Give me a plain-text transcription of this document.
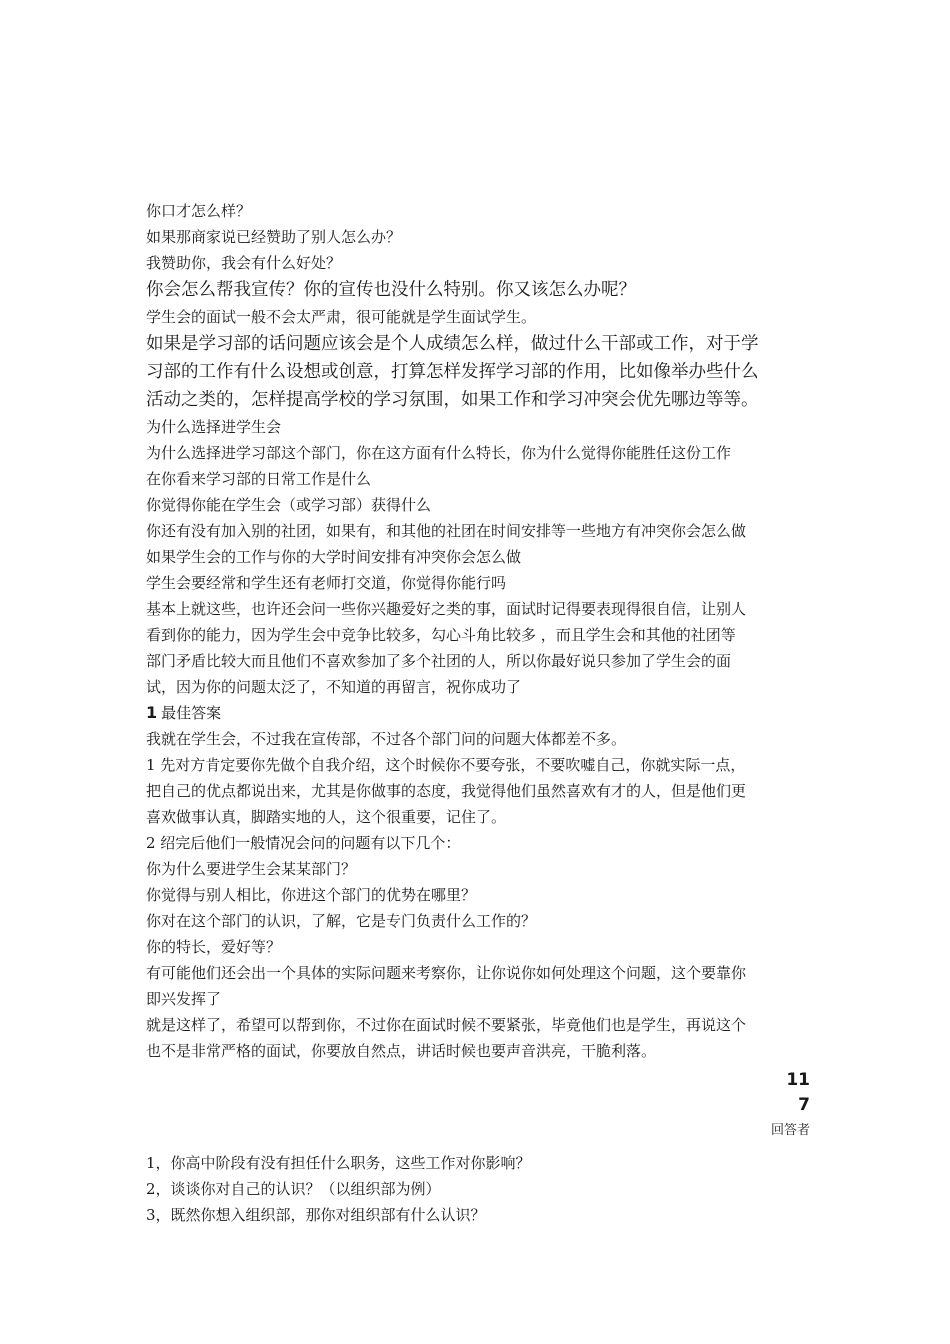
你口才怎么样？
如果那商家说已经赞助了别人怎么办？
我赞助你，我会有什么好处？
你会怎么帮我宣传？你的宣传也没什么特别。你又该怎么办呢？
学生会的面试一般不会太严肃，很可能就是学生面试学生。
如果是学习部的话问题应该会是个人成绩怎么样，做过什么干部或工作，对于学
习部的工作有什么设想或创意，打算怎样发挥学习部的作用，比如像举办些什么
活动之类的，怎样提高学校的学习氛围，如果工作和学习冲突会优先哪边等等。
为什么选择进学生会
为什么选择进学习部这个部门，你在这方面有什么特长，你为什么觉得你能胜任这份工作
在你看来学习部的日常工作是什么
你觉得你能在学生会（或学习部）获得什么
你还有没有加入别的社团，如果有，和其他的社团在时间安排等一些地方有冲突你会怎么做
如果学生会的工作与你的大学时间安排有冲突你会怎么做
学生会要经常和学生还有老师打交道，你觉得你能行吗
基本上就这些，也许还会问一些你兴趣爱好之类的事，面试时记得要表现得很自信，让别人
看到你的能力，因为学生会中竞争比较多，勾心斗角比较多 ，而且学生会和其他的社团等
部门矛盾比较大而且他们不喜欢参加了多个社团的人，所以你最好说只参加了学生会的面
试，因为你的问题太泛了，不知道的再留言，祝你成功了
1 最佳答案
我就在学生会，不过我在宣传部，不过各个部门问的问题大体都差不多。
1 先对方肯定要你先做个自我介绍，这个时候你不要夸张，不要吹嘘自己，你就实际一点，
把自己的优点都说出来，尤其是你做事的态度，我觉得他们虽然喜欢有才的人，但是他们更
喜欢做事认真，脚踏实地的人，这个很重要，记住了。
2 绍完后他们一般情况会问的问题有以下几个：
你为什么要进学生会某某部门？
你觉得与别人相比，你进这个部门的优势在哪里？
你对在这个部门的认识，了解，它是专门负责什么工作的？
你的特长，爱好等？
有可能他们还会出一个具体的实际问题来考察你，让你说你如何处理这个问题，这个要靠你
即兴发挥了
就是这样了，希望可以帮到你，不过你在面试时候不要紧张，毕竟他们也是学生，再说这个
也不是非常严格的面试，你要放自然点，讲话时候也要声音洪亮，干脆利落。
11
7
回答者
1，你高中阶段有没有担任什么职务，这些工作对你影响？
2，谈谈你对自己的认识？（以组织部为例）
3，既然你想入组织部，那你对组织部有什么认识？
